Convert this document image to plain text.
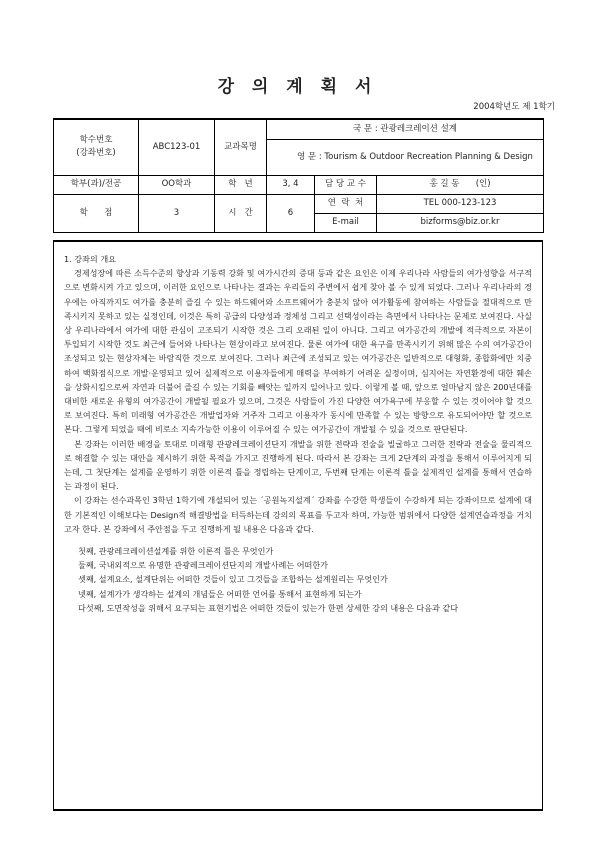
강 의 계 획 서
2004학년도 제 1학기
학수번호
(강좌번호)	ABC123-01	교과목명	국 문 : 관광레크레이션 설계		
			영 문 : Tourism & Outdoor Recreation Planning & Design		
학부(과)/전공	OO학과	학   년	3, 4	담 당 교 수	홍 길 동      (인)
학      점	3	시   간	6	연  락  처	TEL 000-123-123
				E-mail	bizforms@biz.or.kr

1. 강좌의 개요

경제성장에 따른 소득수준의 향상과 기동력 강화 및 여가시간의 증대 등과 같은 요인은 이제 우리나라 사람들의 여가성향을 서구적으로 변화시켜 가고 있으며, 이러한 요인으로 나타나는 결과는 우리들의 주변에서 쉽게 찾아 볼 수 있게 되었다. 그러나 우리나라의 경우에는 아직까지도 여가를 충분히 즐길 수 있는 하드웨어와 소프트웨어가 충분치 않아 여가활동에 참여하는 사람들을 절대적으로 만족시키지 못하고 있는 실정인데, 이것은 특히 공급의 다양성과 정체성 그리고 선택성이라는 측면에서 나타나는 문제로 보여진다. 사실상 우리나라에서 여가에 대한 관심이 고조되기 시작한 것은 그리 오래된 일이 아니다. 그리고 여가공간의 개발에 적극적으로 자본이 투입되기 시작한 것도 최근에 들어와 나타나는 현상이라고 보여진다. 물론 여가에 대한 욕구를 만족시키기 위해 많은 수의 여가공간이 조성되고 있는 현상자체는 바람직한 것으로 보여진다. 그러나 최근에 조성되고 있는 여가공간은 일반적으로 대형화, 종합화에만 치중하여 백화점식으로 개발·운영되고 있어 실제적으로 이용자들에게 매력을 부여하기 어려운 실정이며, 심지어는 자연환경에 대한 훼손을 상화시킴으로써 자연과 더불어 즐길 수 있는 기회를 빼앗는 일까지 일어나고 있다. 이렇게 볼 때, 앞으로 얼마남지 않은 200년대를 대비한 새로운 유형의 여가공간이 개발될 필요가 있으며, 그것은 사람들이 가진 다양한 여가욕구에 부응할 수 있는 것이어야 할 것으로 보여진다. 특히 미래형 여가공간은 개발업자와 거주자 그리고 이용자가 동시에 만족할 수 있는 방향으로 유도되어야만 할 것으로 본다. 그렇게 되었을 때에 비로소 지속가능한 이용이 이루어질 수 있는 여가공간이 개발될 수 있을 것으로 판단된다.

본 강좌는 이러한 배경을 토대로 미래형 관광레크레이션단지 개발을 위한 전략과 전술을 빌굴하고 그러한 전략과 전술을 물리적으로 해결할 수 있는 대안을 제시하기 위한 목적을 가지고 진행하게 된다. 따라서 본 강좌는 크게 2단계의 과정을 통해서 이루어지게 되는데, 그 첫단계는 설계를 운영하기 위한 이론적 틀을 정립하는 단계이고, 두번째 단계는 이론적 틀을 실제적인 설계를 통해서 연습하는 과정이 된다.

이 강좌는 선수과목인 3학년 1학기에 개설되어 있는 ´공원녹지설계´ 강좌를 수강한 학생들이 수강하게 되는 강좌이므로 설계에 대한 기본적인 이해보다는 Design적 해결방법을 터득하는데 강의의 목표를 두고자 하며, 가능한 범위에서 다양한 설계연습과정을 거치고자 한다. 본 강좌에서 주안점을 두고 진행하게 될 내용은 다음과 같다.

첫째, 관광레크레이션설계를 위한 이론적 틀은 무엇인가

둘째, 국내외적으로 유명한 관광레크레이션단지의 개발사례는 어떠한가

셋째, 설계요소, 설계단위는 어떠한 것들이 있고 그것들을 조합하는 설계원리는 무엇인가

넷째, 설계가가 생각하는 설계의 개념들은 어떠한 언어를 통해서 표현하게 되는가

다섯째, 도면작성을 위해서 요구되는 표현기법은 어떠한 것들이 있는가 한편 상세한 강의 내용은 다음과 같다
